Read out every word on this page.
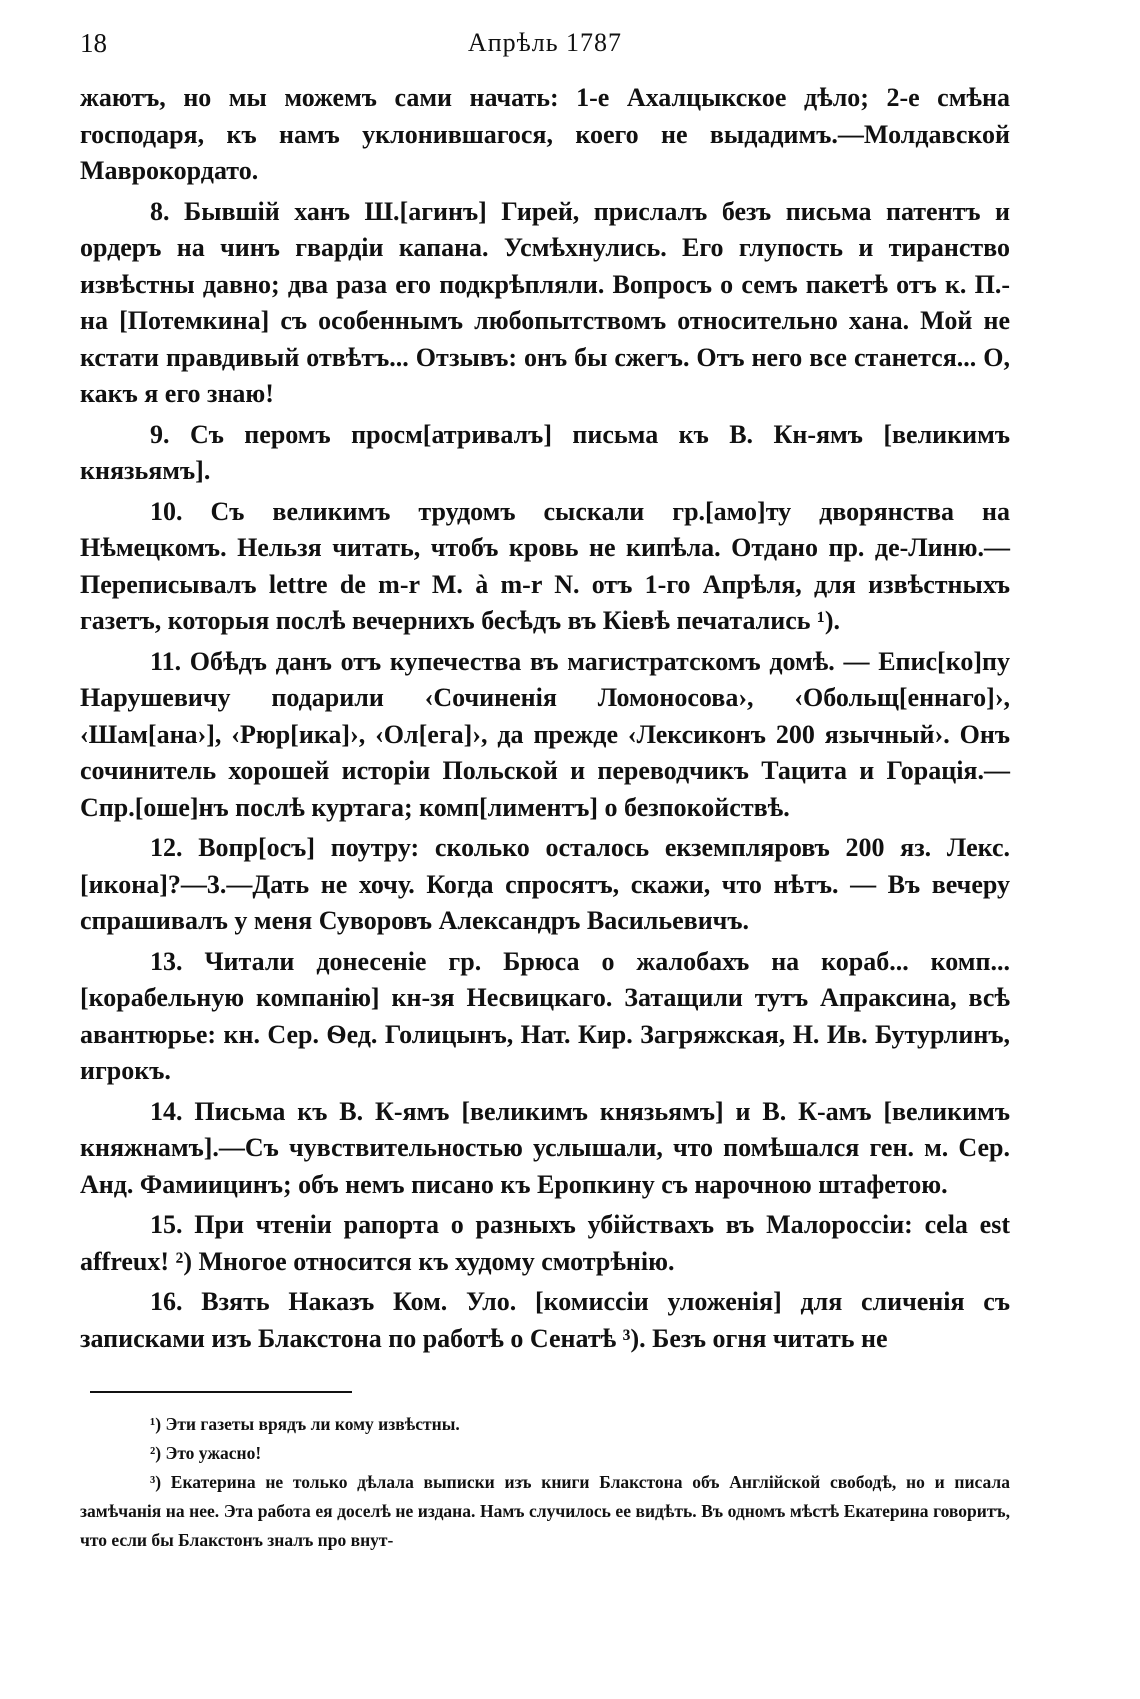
18	Апрѣль 1787

жаютъ, но мы можемъ сами начать: 1-е Ахалцыкское дѣло; 2-е смѣна господаря, къ намъ уклонившагося, коего не выдадимъ.—Молдавской Маврокордато.

8. Бывшій ханъ Ш.[агинъ] Гирей, прислалъ безъ письма патентъ и ордеръ на чинъ гвардіи капана. Усмѣхнулись. Его глупость и тиранство извѣстны давно; два раза его подкрѣпляли. Вопросъ о семъ пакетѣ отъ к. П.-на [Потемкина] съ особеннымъ любопытствомъ относительно хана. Мой не кстати правдивый отвѣтъ... Отзывъ: онъ бы сжегъ. Отъ него все станется... О, какъ я его знаю!

9. Съ перомъ просм[атривалъ] письма къ В. Кн-ямъ [великимъ князьямъ].

10. Съ великимъ трудомъ сыскали гр.[амо]ту дворянства на Нѣмецкомъ. Нельзя читать, чтобъ кровь не кипѣла. Отдано пр. де-Линю.— Переписывалъ lettre de m-r M. à m-r N. отъ 1-го Апрѣля, для извѣстныхъ газетъ, которыя послѣ вечернихъ бесѣдъ въ Кіевѣ печатались ¹).

11. Обѣдъ данъ отъ купечества въ магистратскомъ домѣ. — Епис[ко]пу Нарушевичу подарили ‹Сочиненія Ломоносова›, ‹Обольщ[еннаго]›, ‹Шам[ана›], ‹Рюр[ика]›, ‹Ол[ега]›, да прежде ‹Лексиконъ 200 язычный›. Онъ сочинитель хорошей исторіи Польской и переводчикъ Тацита и Горація.— Спр.[оше]нъ послѣ куртага; комп[лиментъ] о безпокойствѣ.

12. Вопр[осъ] поутру: сколько осталось екземпляровъ 200 яз. Лекс.[икона]?—3.—Дать не хочу. Когда спросятъ, скажи, что нѣтъ. — Въ вечеру спрашивалъ у меня Суворовъ Александръ Васильевичъ.

13. Читали донесеніе гр. Брюса о жалобахъ на кораб... комп... [корабельную компанію] кн-зя Несвицкаго. Затащили тутъ Апраксина, всѣ авантюрье: кн. Сер. Ѳед. Голицынъ, Нат. Кир. Загряжская, Н. Ив. Бутурлинъ, игрокъ.

14. Письма къ В. К-ямъ [великимъ князьямъ] и В. К-амъ [великимъ княжнамъ].—Съ чувствительностью услышали, что помѣшался ген. м. Сер. Анд. Фамиицинъ; объ немъ писано къ Еропкину съ нарочною штафетою.

15. При чтеніи рапорта о разныхъ убійствахъ въ Малороссіи: cela est affreux! ²) Многое относится къ худому смотрѣнію.

16. Взять Наказъ Ком. Уло. [комиссіи уложенія] для сличенія съ записками изъ Блакстона по работѣ о Сенатѣ ³). Безъ огня читать не

¹) Эти газеты врядъ ли кому извѣстны.

²) Это ужасно!

³) Екатерина не только дѣлала выписки изъ книги Блакстона объ Англійской свободѣ, но и писала замѣчанія на нее. Эта работа ея доселѣ не издана. Намъ случилось ее видѣть. Въ одномъ мѣстѣ Екатерина говоритъ, что если бы Блакстонъ зналъ про внут-
